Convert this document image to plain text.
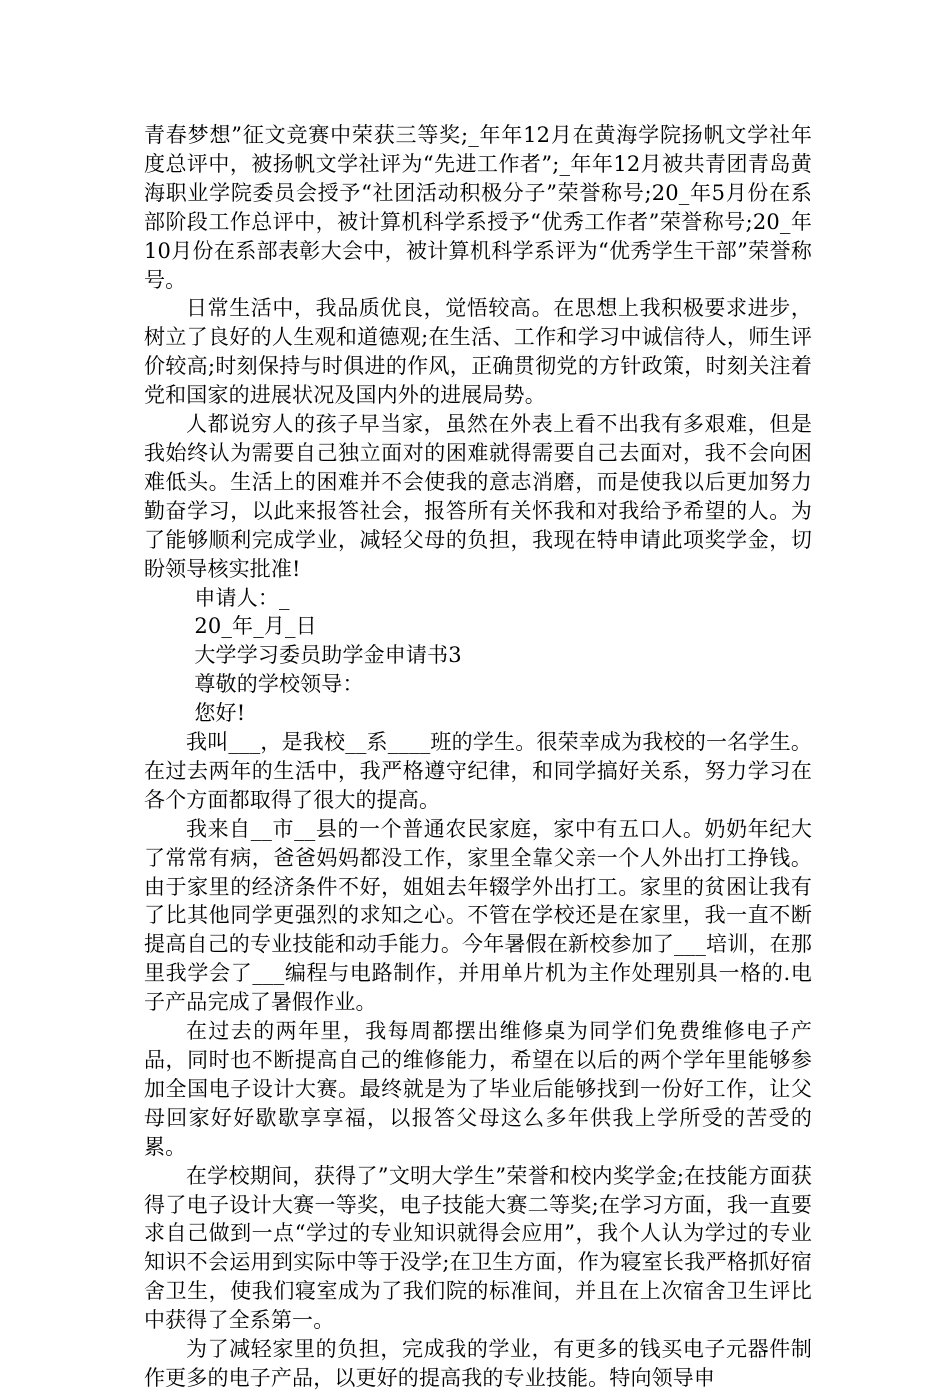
青春梦想”征文竞赛中荣获三等奖;_年年12月在黄海学院扬帆文学社年度总评中，被扬帆文学社评为“先进工作者”;_年年12月被共青团青岛黄海职业学院委员会授予“社团活动积极分子”荣誉称号;20_年5月份在系部阶段工作总评中，被计算机科学系授予“优秀工作者”荣誉称号;20_年10月份在系部表彰大会中，被计算机科学系评为“优秀学生干部”荣誉称号。

日常生活中，我品质优良，觉悟较高。在思想上我积极要求进步，树立了良好的人生观和道德观;在生活、工作和学习中诚信待人，师生评价较高;时刻保持与时俱进的作风，正确贯彻党的方针政策，时刻关注着党和国家的进展状况及国内外的进展局势。

人都说穷人的孩子早当家，虽然在外表上看不出我有多艰难，但是我始终认为需要自己独立面对的困难就得需要自己去面对，我不会向困难低头。生活上的困难并不会使我的意志消磨，而是使我以后更加努力勤奋学习，以此来报答社会，报答所有关怀我和对我给予希望的人。为了能够顺利完成学业，减轻父母的负担，我现在特申请此项奖学金，切盼领导核实批准!

申请人：_

20_年_月_日

大学学习委员助学金申请书3

尊敬的学校领导：

您好!

我叫___，是我校__系____班的学生。很荣幸成为我校的一名学生。在过去两年的生活中，我严格遵守纪律，和同学搞好关系，努力学习在各个方面都取得了很大的提高。

我来自__市__县的一个普通农民家庭，家中有五口人。奶奶年纪大了常常有病，爸爸妈妈都没工作，家里全靠父亲一个人外出打工挣钱。由于家里的经济条件不好，姐姐去年辍学外出打工。家里的贫困让我有了比其他同学更强烈的求知之心。不管在学校还是在家里，我一直不断提高自己的专业技能和动手能力。今年暑假在新校参加了___培训，在那里我学会了___编程与电路制作，并用单片机为主作处理别具一格的.电子产品完成了暑假作业。

在过去的两年里，我每周都摆出维修桌为同学们免费维修电子产品，同时也不断提高自己的维修能力，希望在以后的两个学年里能够参加全国电子设计大赛。最终就是为了毕业后能够找到一份好工作，让父母回家好好歇歇享享福，以报答父母这么多年供我上学所受的苦受的累。

在学校期间，获得了”文明大学生”荣誉和校内奖学金;在技能方面获得了电子设计大赛一等奖，电子技能大赛二等奖;在学习方面，我一直要求自己做到一点“学过的专业知识就得会应用”，我个人认为学过的专业知识不会运用到实际中等于没学;在卫生方面，作为寝室长我严格抓好宿舍卫生，使我们寝室成为了我们院的标准间，并且在上次宿舍卫生评比中获得了全系第一。

为了减轻家里的负担，完成我的学业，有更多的钱买电子元器件制作更多的电子产品，以更好的提高我的专业技能。特向领导申
